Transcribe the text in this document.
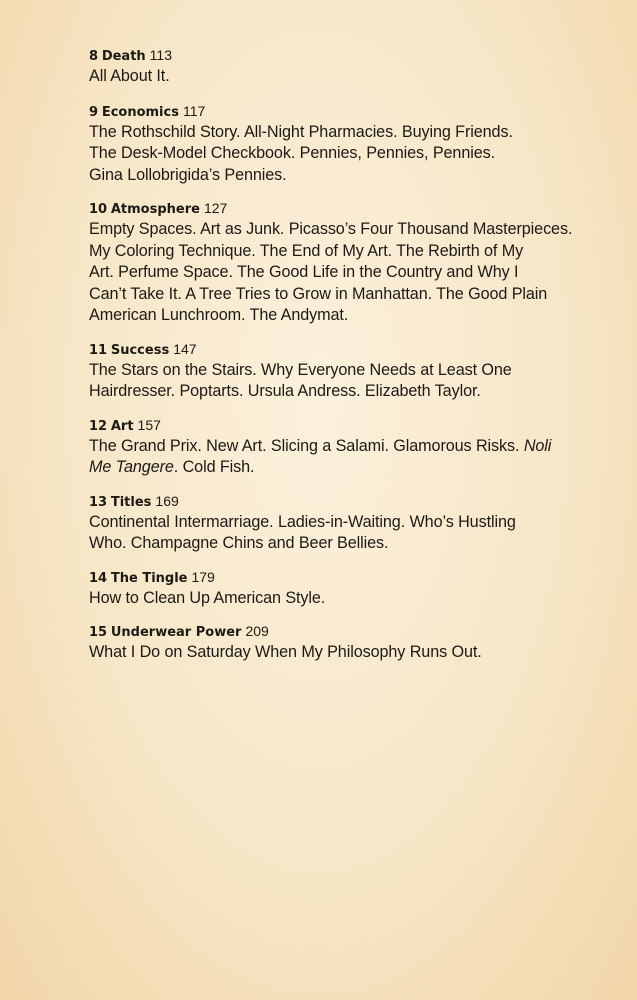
8 Death 113
All About It.
9 Economics 117
The Rothschild Story. All-Night Pharmacies. Buying Friends.
The Desk-Model Checkbook. Pennies, Pennies, Pennies.
Gina Lollobrigida’s Pennies.
10 Atmosphere 127
Empty Spaces. Art as Junk. Picasso’s Four Thousand Masterpieces.
My Coloring Technique. The End of My Art. The Rebirth of My
Art. Perfume Space. The Good Life in the Country and Why I
Can’t Take It. A Tree Tries to Grow in Manhattan. The Good Plain
American Lunchroom. The Andymat.
11 Success 147
The Stars on the Stairs. Why Everyone Needs at Least One
Hairdresser. Poptarts. Ursula Andress. Elizabeth Taylor.
12 Art 157
The Grand Prix. New Art. Slicing a Salami. Glamorous Risks. Noli
Me Tangere. Cold Fish.
13 Titles 169
Continental Intermarriage. Ladies-in-Waiting. Who’s Hustling
Who. Champagne Chins and Beer Bellies.
14 The Tingle 179
How to Clean Up American Style.
15 Underwear Power 209
What I Do on Saturday When My Philosophy Runs Out.
